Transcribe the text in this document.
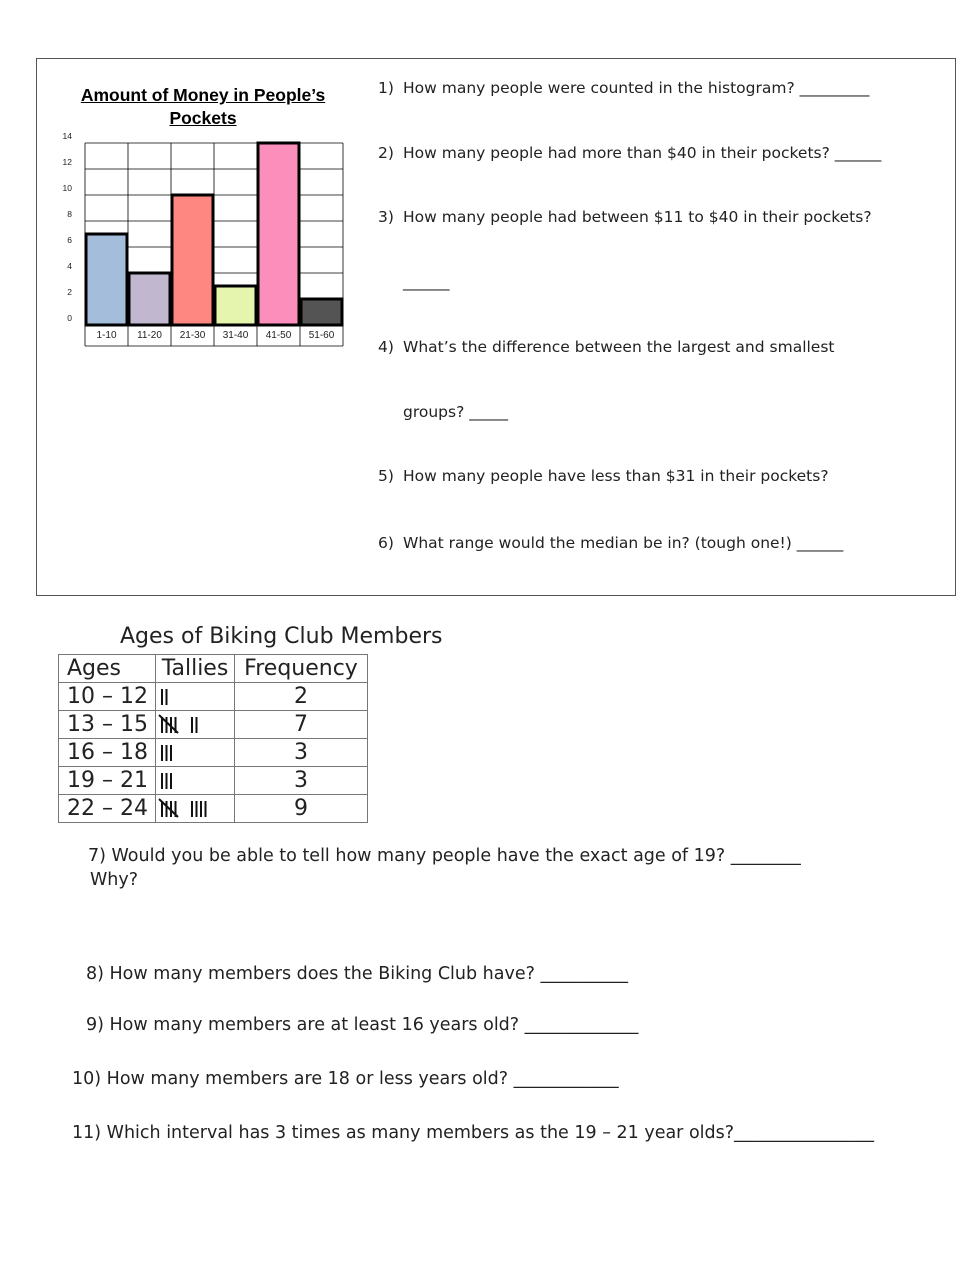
Amount of Money in People’s Pockets
0
2
4
6
8
10
12
14
1-10 11-20 21-30 31-40 41-50 51-60
1) How many people were counted in the histogram? _________
2) How many people had more than $40 in their pockets? ______
3) How many people had between $11 to $40 in their pockets?
______
4) What’s the difference between the largest and smallest
groups? _____
5) How many people have less than $31 in their pockets?
6) What range would the median be in? (tough one!) ______
Ages of Biking Club Members
Ages	Tallies	Frequency
10 – 12		2
13 – 15		7
16 – 18		3
19 – 21		3
22 – 24		9
7) Would you be able to tell how many people have the exact age of 19? ________
Why?
8) How many members does the Biking Club have? __________
9) How many members are at least 16 years old? _____________
10) How many members are 18 or less years old? ____________
11) Which interval has 3 times as many members as the 19 – 21 year olds?________________
